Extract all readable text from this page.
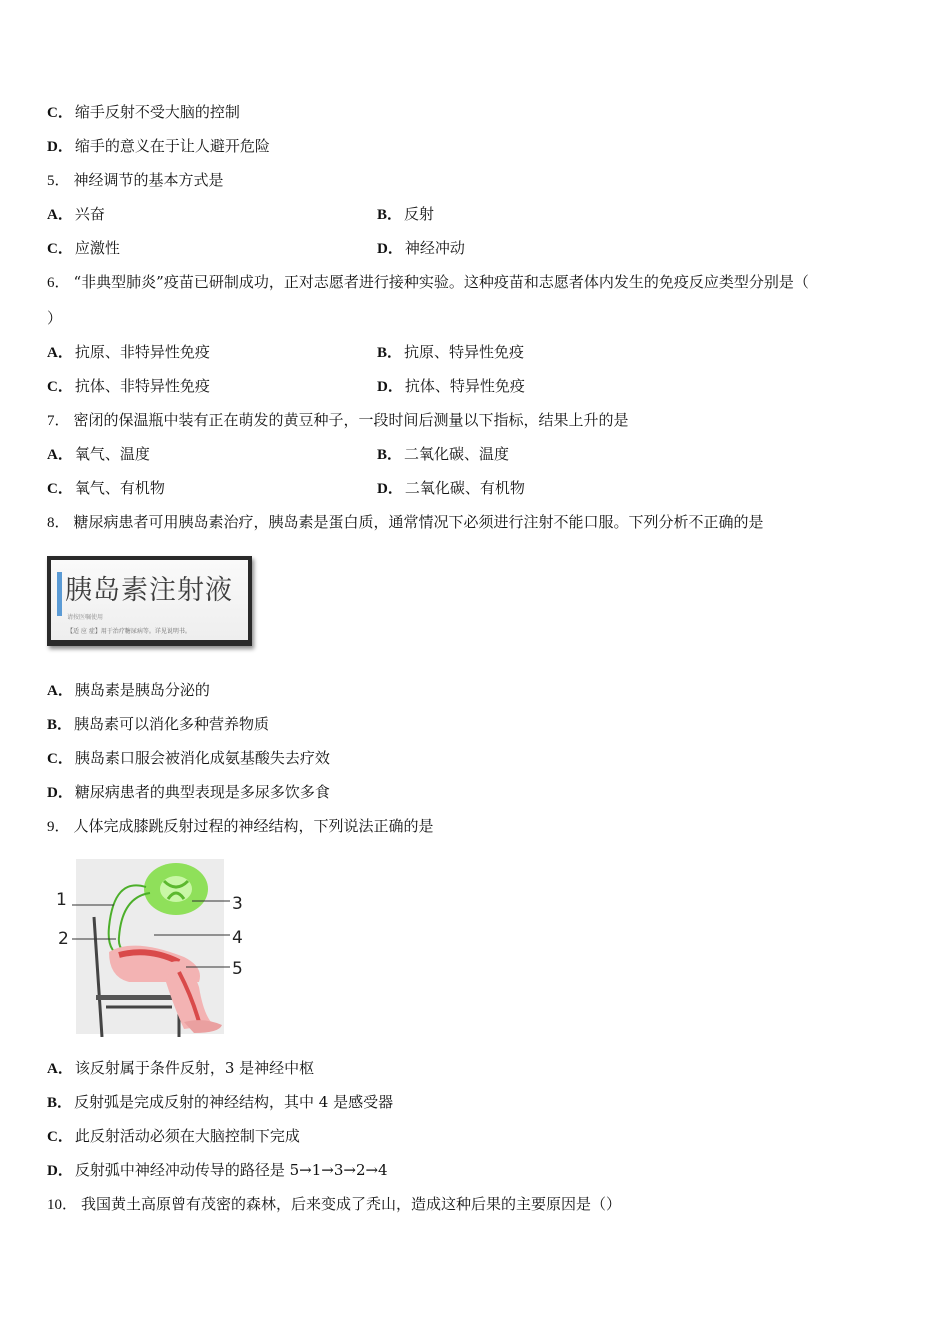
C． 缩手反射不受大脑的控制
D． 缩手的意义在于让人避开危险
5． 神经调节的基本方式是
A． 兴奋	B． 反射
C． 应激性	D． 神经冲动
6． “非典型肺炎”疫苗已研制成功，正对志愿者进行接种实验。这种疫苗和志愿者体内发生的免疫反应类型分别是（
）
A． 抗原、非特异性免疫	B． 抗原、特异性免疫
C． 抗体、非特异性免疫	D． 抗体、特异性免疫
7． 密闭的保温瓶中装有正在萌发的黄豆种子，一段时间后测量以下指标，结果上升的是
A． 氧气、温度	B． 二氧化碳、温度
C． 氧气、有机物	D． 二氧化碳、有机物
8． 糖尿病患者可用胰岛素治疗，胰岛素是蛋白质，通常情况下必须进行注射不能口服。下列分析不正确的是
胰岛素注射液
请按医嘱使用
【适 应 症】用于治疗糖尿病等。详见说明书。
A． 胰岛素是胰岛分泌的
B． 胰岛素可以消化多种营养物质
C． 胰岛素口服会被消化成氨基酸失去疗效
D． 糖尿病患者的典型表现是多尿多饮多食
9． 人体完成膝跳反射过程的神经结构，下列说法正确的是
1
2
3
4
5
A． 该反射属于条件反射，3 是神经中枢
B． 反射弧是完成反射的神经结构，其中 4 是感受器
C． 此反射活动必须在大脑控制下完成
D． 反射弧中神经冲动传导的路径是 5→1→3→2→4
10． 我国黄土高原曾有茂密的森林，后来变成了秃山，造成这种后果的主要原因是（）
